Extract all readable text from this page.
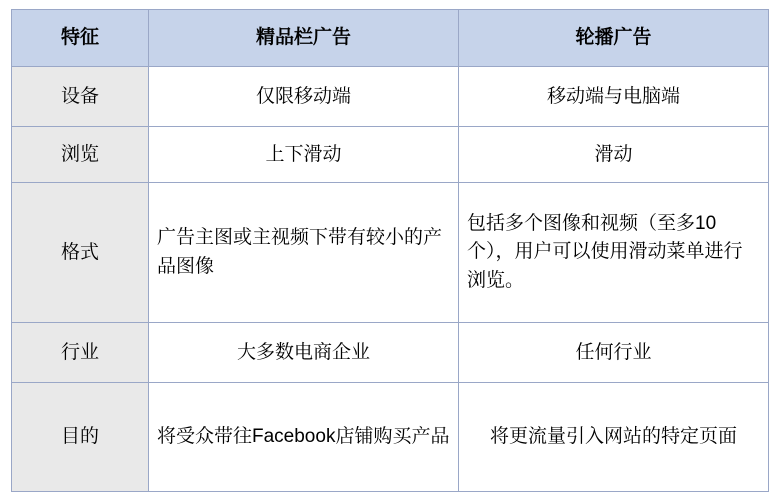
特征	精品栏广告	轮播广告
设备	仅限移动端	移动端与电脑端
浏览	上下滑动	滑动
格式	广告主图或主视频下带有较小的产品图像	包括多个图像和视频（至多10个），用户可以使用滑动菜单进行浏览。
行业	大多数电商企业	任何行业
目的	将受众带往Facebook店铺购买产品	将更流量引入网站的特定页面
